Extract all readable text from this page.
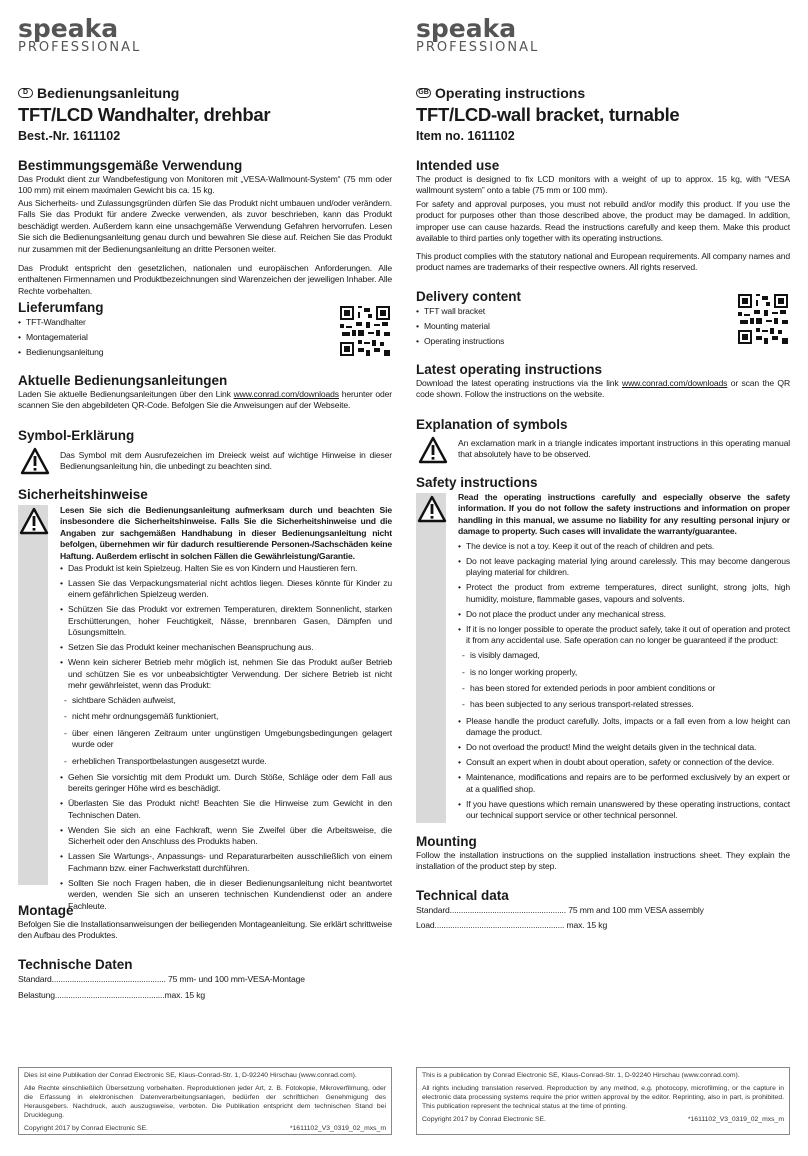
speaka
PROFESSIONAL
D Bedienungsanleitung
TFT/LCD Wandhalter, drehbar
Best.-Nr. 1611102
Bestimmungsgemäße Verwendung
Das Produkt dient zur Wandbefestigung von Monitoren mit „VESA-Wallmount-System“ (75 mm oder 100 mm) mit einem maximalen Gewicht bis ca. 15 kg.
Aus Sicherheits- und Zulassungsgründen dürfen Sie das Produkt nicht umbauen und/oder verändern. Falls Sie das Produkt für andere Zwecke verwenden, als zuvor beschrieben, kann das Produkt beschädigt werden. Außerdem kann eine unsachgemäße Verwendung Gefahren hervorrufen. Lesen Sie sich die Bedienungsanleitung genau durch und bewahren Sie diese auf. Reichen Sie das Produkt nur zusammen mit der Bedienungsanleitung an dritte Personen weiter.
Das Produkt entspricht den gesetzlichen, nationalen und europäischen Anforderungen. Alle enthaltenen Firmennamen und Produktbezeichnungen sind Warenzeichen der jeweiligen Inhaber. Alle Rechte vorbehalten.
Lieferumfang
• TFT-Wandhalter
• Montagematerial
• Bedienungsanleitung
Aktuelle Bedienungsanleitungen
Laden Sie aktuelle Bedienungsanleitungen über den Link www.conrad.com/downloads herunter oder scannen Sie den abgebildeten QR-Code. Befolgen Sie die Anweisungen auf der Webseite.
Symbol-Erklärung
Das Symbol mit dem Ausrufezeichen im Dreieck weist auf wichtige Hinweise in dieser Bedienungsanleitung hin, die unbedingt zu beachten sind.
Sicherheitshinweise
Lesen Sie sich die Bedienungsanleitung aufmerksam durch und beachten Sie insbesondere die Sicherheitshinweise. Falls Sie die Sicherheitshinweise und die Angaben zur sachgemäßen Handhabung in dieser Bedienungsanleitung nicht befolgen, übernehmen wir für dadurch resultierende Personen-/Sachschäden keine Haftung. Außerdem erlischt in solchen Fällen die Gewährleistung/Garantie.
• Das Produkt ist kein Spielzeug. Halten Sie es von Kindern und Haustieren fern.
• Lassen Sie das Verpackungsmaterial nicht achtlos liegen. Dieses könnte für Kinder zu einem gefährlichen Spielzeug werden.
• Schützen Sie das Produkt vor extremen Temperaturen, direktem Sonnenlicht, starken Erschütterungen, hoher Feuchtigkeit, Nässe, brennbaren Gasen, Dämpfen und Lösungsmitteln.
• Setzen Sie das Produkt keiner mechanischen Beanspruchung aus.
• Wenn kein sicherer Betrieb mehr möglich ist, nehmen Sie das Produkt außer Betrieb und schützen Sie es vor unbeabsichtigter Verwendung. Der sichere Betrieb ist nicht mehr gewährleistet, wenn das Produkt:
- sichtbare Schäden aufweist,
- nicht mehr ordnungsgemäß funktioniert,
- über einen längeren Zeitraum unter ungünstigen Umgebungsbedingungen gelagert wurde oder
- erheblichen Transportbelastungen ausgesetzt wurde.
• Gehen Sie vorsichtig mit dem Produkt um. Durch Stöße, Schläge oder dem Fall aus bereits geringer Höhe wird es beschädigt.
• Überlasten Sie das Produkt nicht! Beachten Sie die Hinweise zum Gewicht in den Technischen Daten.
• Wenden Sie sich an eine Fachkraft, wenn Sie Zweifel über die Arbeitsweise, die Sicherheit oder den Anschluss des Produkts haben.
• Lassen Sie Wartungs-, Anpassungs- und Reparaturarbeiten ausschließlich von einem Fachmann bzw. einer Fachwerkstatt durchführen.
• Sollten Sie noch Fragen haben, die in dieser Bedienungsanleitung nicht beantwortet werden, wenden Sie sich an unseren technischen Kundendienst oder an andere Fachleute.
Montage
Befolgen Sie die Installationsanweisungen der beiliegenden Montageanleitung. Sie erklärt schrittweise den Aufbau des Produktes.
Technische Daten
Standard................................................... 75 mm- und 100 mm-VESA-Montage
Belastung.................................................max. 15 kg
Dies ist eine Publikation der Conrad Electronic SE, Klaus-Conrad-Str. 1, D-92240 Hirschau (www.conrad.com).
Alle Rechte einschließlich Übersetzung vorbehalten. Reproduktionen jeder Art, z. B. Fotokopie, Mikroverfilmung, oder die Erfassung in elektronischen Datenverarbeitungsanlagen, bedürfen der schriftlichen Genehmigung des Herausgebers. Nachdruck, auch auszugsweise, verboten. Die Publikation entspricht dem technischen Stand bei Drucklegung.
Copyright 2017 by Conrad Electronic SE.	*1611102_V3_0319_02_mxs_m
speaka
PROFESSIONAL
GB Operating instructions
TFT/LCD-wall bracket, turnable
Item no. 1611102
Intended use
The product is designed to fix LCD monitors with a weight of up to approx. 15 kg, with “VESA wallmount system” onto a table (75 mm or 100 mm).
For safety and approval purposes, you must not rebuild and/or modify this product. If you use the product for purposes other than those described above, the product may be damaged. In addition, improper use can cause hazards. Read the instructions carefully and keep them. Make this product available to third parties only together with its operating instructions.
This product complies with the statutory national and European requirements. All company names and product names are trademarks of their respective owners. All rights reserved.
Delivery content
• TFT wall bracket
• Mounting material
• Operating instructions
Latest operating instructions
Download the latest operating instructions via the link www.conrad.com/downloads or scan the QR code shown. Follow the instructions on the website.
Explanation of symbols
An exclamation mark in a triangle indicates important instructions in this operating manual that absolutely have to be observed.
Safety instructions
Read the operating instructions carefully and especially observe the safety information. If you do not follow the safety instructions and information on proper handling in this manual, we assume no liability for any resulting personal injury or damage to property. Such cases will invalidate the warranty/guarantee.
• The device is not a toy. Keep it out of the reach of children and pets.
• Do not leave packaging material lying around carelessly. This may become dangerous playing material for children.
• Protect the product from extreme temperatures, direct sunlight, strong jolts, high humidity, moisture, flammable gases, vapours and solvents.
• Do not place the product under any mechanical stress.
• If it is no longer possible to operate the product safely, take it out of operation and protect it from any accidental use. Safe operation can no longer be guaranteed if the product:
- is visibly damaged,
- is no longer working properly,
- has been stored for extended periods in poor ambient conditions or
- has been subjected to any serious transport-related stresses.
• Please handle the product carefully. Jolts, impacts or a fall even from a low height can damage the product.
• Do not overload the product! Mind the weight details given in the technical data.
• Consult an expert when in doubt about operation, safety or connection of the device.
• Maintenance, modifications and repairs are to be performed exclusively by an expert or at a qualified shop.
• If you have questions which remain unanswered by these operating instructions, contact our technical support service or other technical personnel.
Mounting
Follow the installation instructions on the supplied installation instructions sheet. They explain the installation of the product step by step.
Technical data
Standard.................................................... 75 mm and 100 mm VESA assembly
Load.......................................................... max. 15 kg
This is a publication by Conrad Electronic SE, Klaus-Conrad-Str. 1, D-92240 Hirschau (www.conrad.com).
All rights including translation reserved. Reproduction by any method, e.g. photocopy, microfilming, or the capture in electronic data processing systems require the prior written approval by the editor. Reprinting, also in part, is prohibited. This publication represent the technical status at the time of printing.
Copyright 2017 by Conrad Electronic SE.	*1611102_V3_0319_02_mxs_m
